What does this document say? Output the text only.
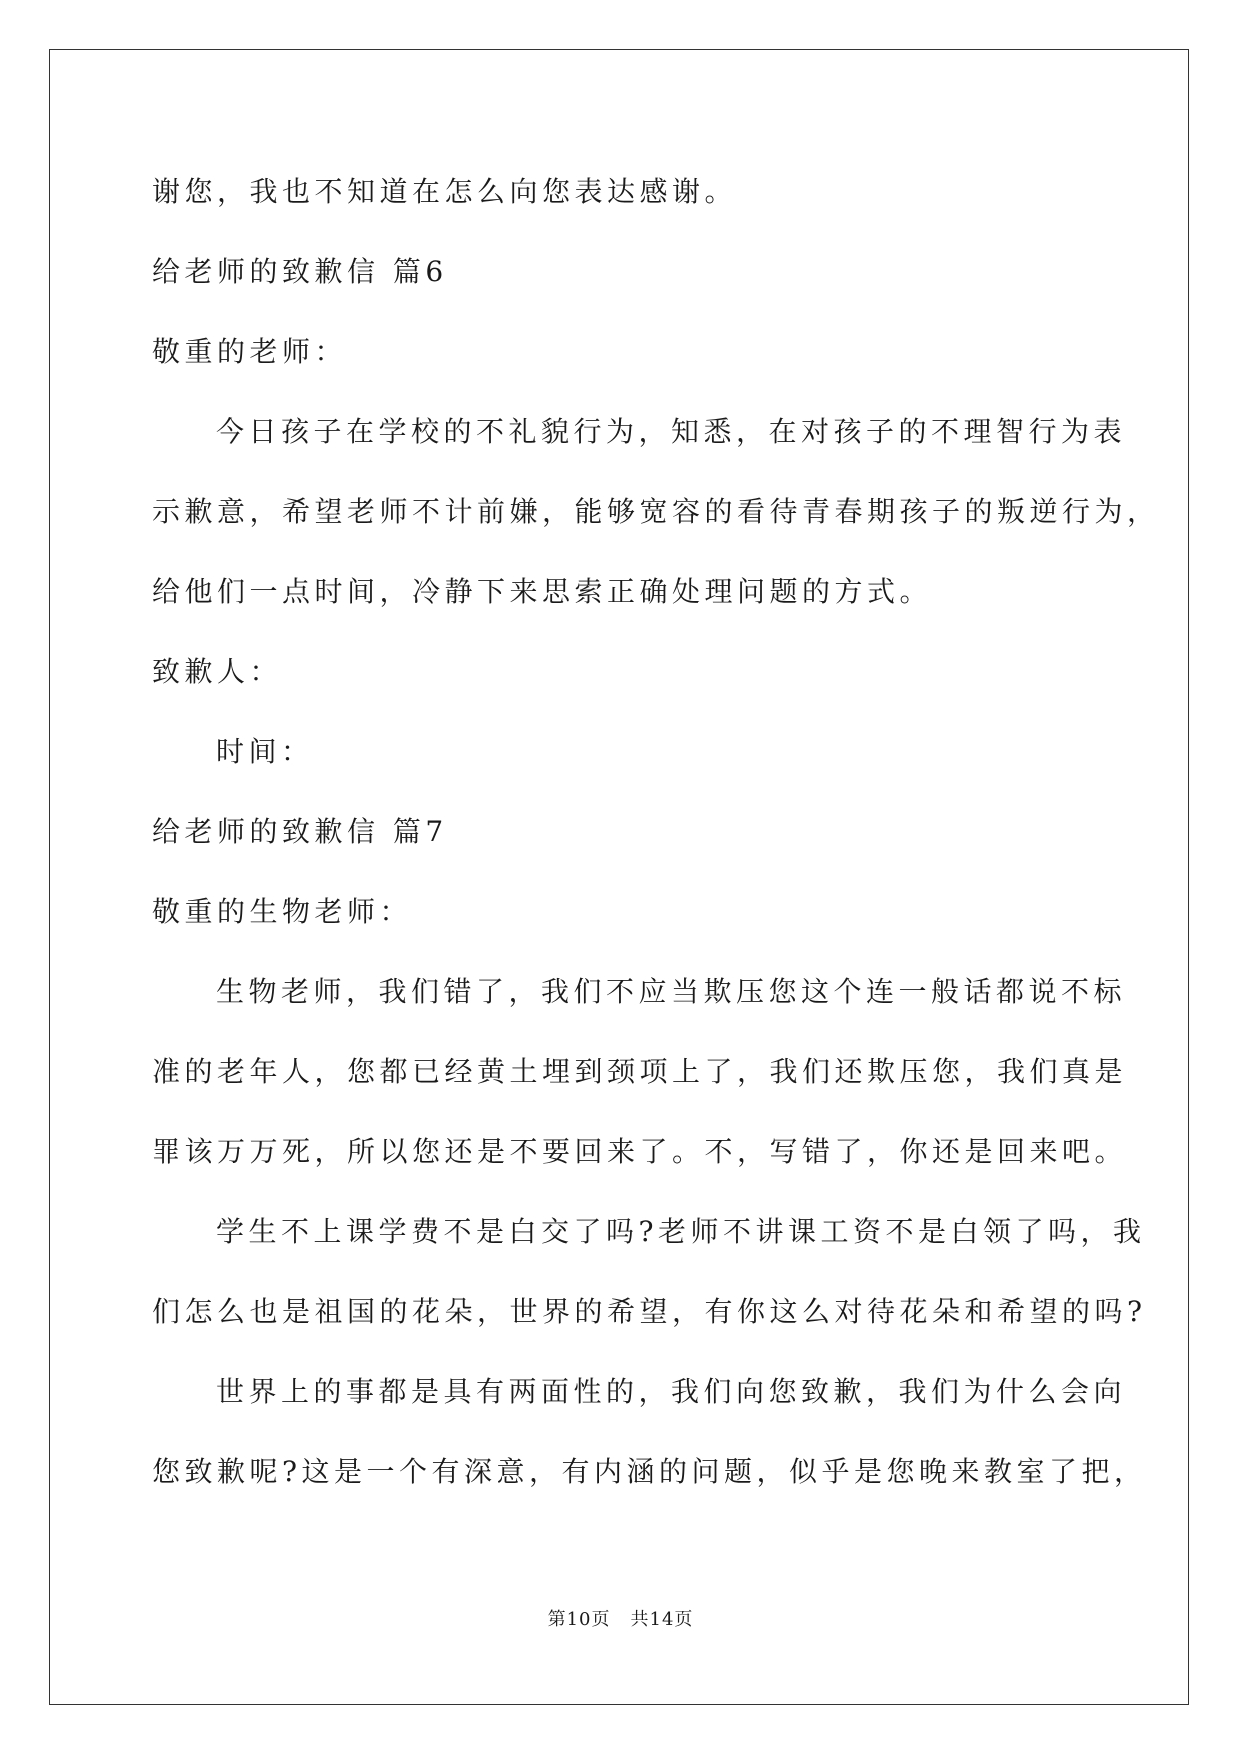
谢您，我也不知道在怎么向您表达感谢。
给老师的致歉信 篇6
敬重的老师：
今日孩子在学校的不礼貌行为，知悉，在对孩子的不理智行为表
示歉意，希望老师不计前嫌，能够宽容的看待青春期孩子的叛逆行为，
给他们一点时间，冷静下来思索正确处理问题的方式。
致歉人：
时间：
给老师的致歉信 篇7
敬重的生物老师：
生物老师，我们错了，我们不应当欺压您这个连一般话都说不标
准的老年人，您都已经黄土埋到颈项上了，我们还欺压您，我们真是
罪该万万死，所以您还是不要回来了。不，写错了，你还是回来吧。
学生不上课学费不是白交了吗?老师不讲课工资不是白领了吗，我
们怎么也是祖国的花朵，世界的希望，有你这么对待花朵和希望的吗?
世界上的事都是具有两面性的，我们向您致歉，我们为什么会向
您致歉呢?这是一个有深意，有内涵的问题，似乎是您晚来教室了把，
第10页 共14页
